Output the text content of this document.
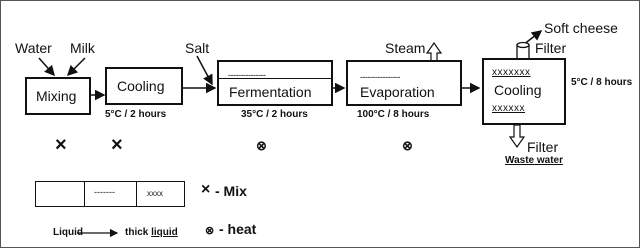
Water Milk	Salt
Mixing
Cooling
5°C / 2 hours
---------------
Fermentation
35°C / 2 hours
----------------
Evaporation
100°C / 8 hours
Steam
Soft cheese
Filter
xxxxxxx
Cooling
xxxxxx
5°C / 8 hours
Filter
Waste water
× ×	⊗	⊗
-------	xxxx	× - Mix
⊗ - heat
Liquid	thick liquid
